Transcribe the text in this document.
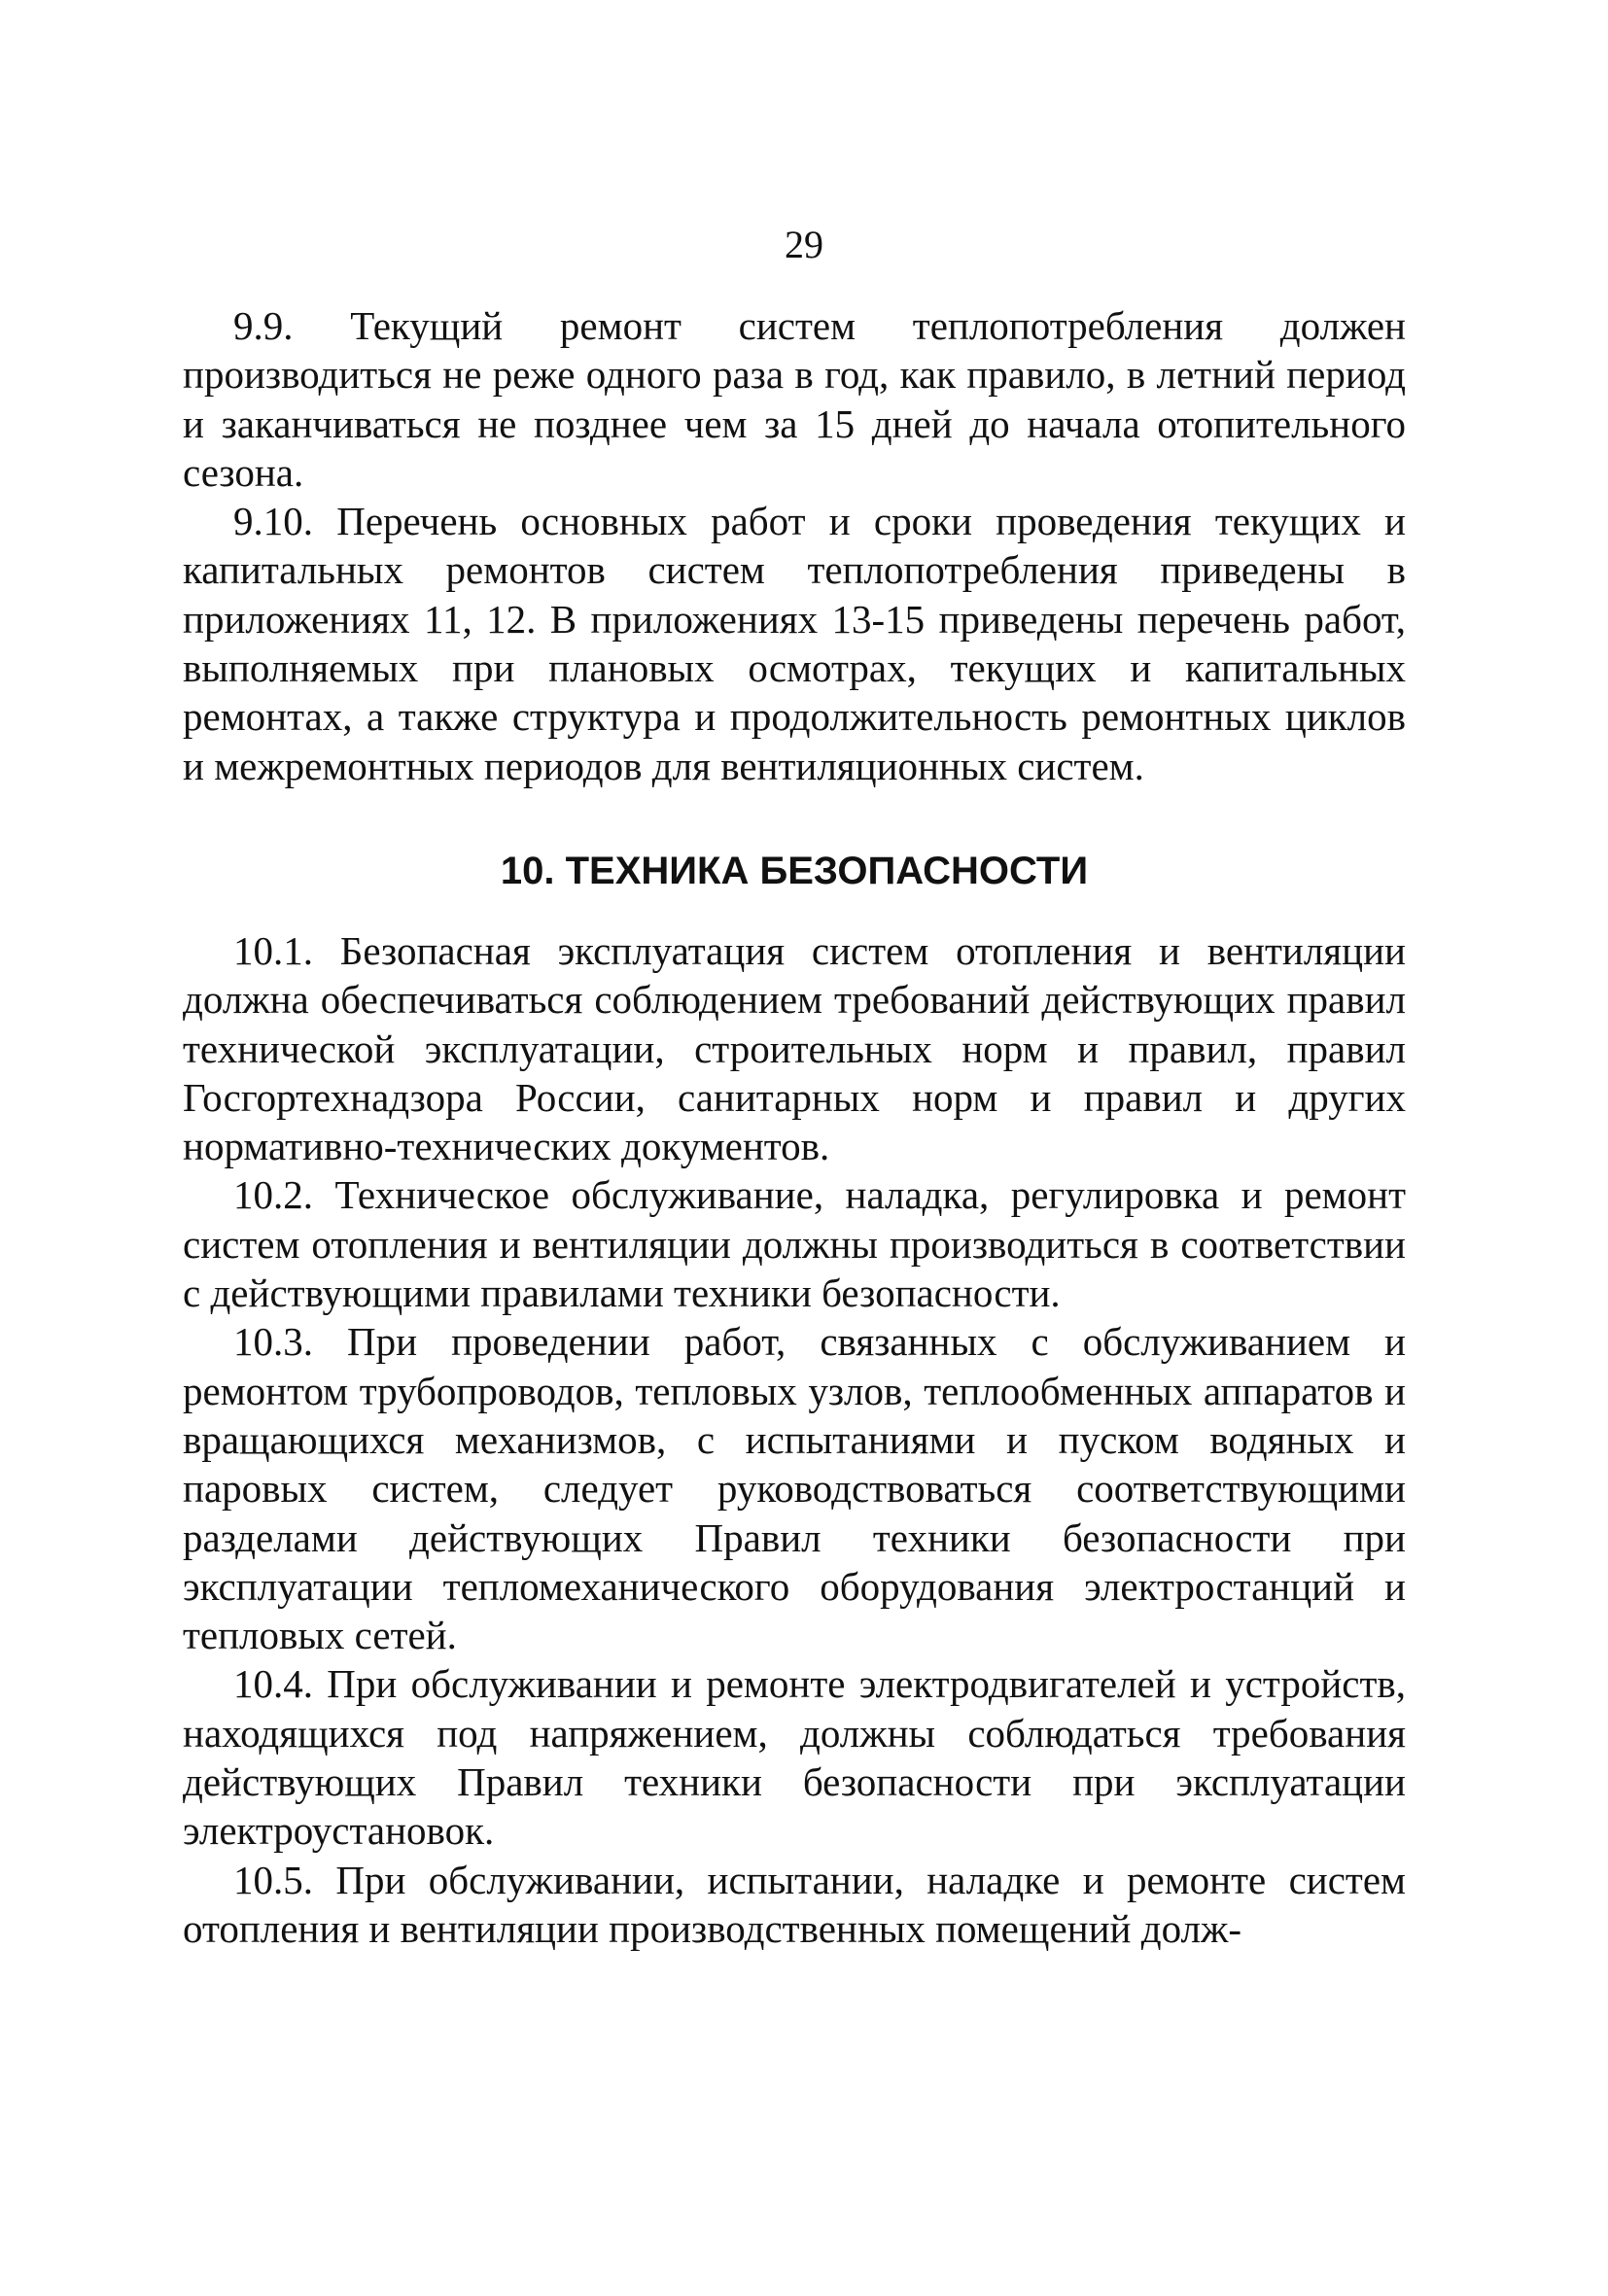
29

9.9. Текущий ремонт систем теплопотребления должен производиться не реже одного раза в год, как правило, в летний период и заканчиваться не позднее чем за 15 дней до начала отопительного сезона.

9.10. Перечень основных работ и сроки проведения текущих и капитальных ремонтов систем теплопотребления приведены в приложениях 11, 12. В приложениях 13-15 приведены перечень работ, выполняемых при плановых осмотрах, текущих и капитальных ремонтах, а также структура и продолжительность ремонтных циклов и межремонтных периодов для вентиляционных систем.

10. ТЕХНИКА БЕЗОПАСНОСТИ

10.1. Безопасная эксплуатация систем отопления и вентиляции должна обеспечиваться соблюдением требований действующих правил технической эксплуатации, строительных норм и правил, правил Госгортехнадзора России, санитарных норм и правил и других нормативно-технических документов.

10.2. Техническое обслуживание, наладка, регулировка и ремонт систем отопления и вентиляции должны производиться в соответствии с действующими правилами техники безопасности.

10.3. При проведении работ, связанных с обслуживанием и ремонтом трубопроводов, тепловых узлов, теплообменных аппаратов и вращающихся механизмов, с испытаниями и пуском водяных и паровых систем, следует руководствоваться соответствующими разделами действующих Правил техники безопасности при эксплуатации тепломеханического оборудования электростанций и тепловых сетей.

10.4. При обслуживании и ремонте электродвигателей и устройств, находящихся под напряжением, должны соблюдаться требования действующих Правил техники безопасности при эксплуатации электроустановок.

10.5. При обслуживании, испытании, наладке и ремонте систем отопления и вентиляции производственных помещений долж-
